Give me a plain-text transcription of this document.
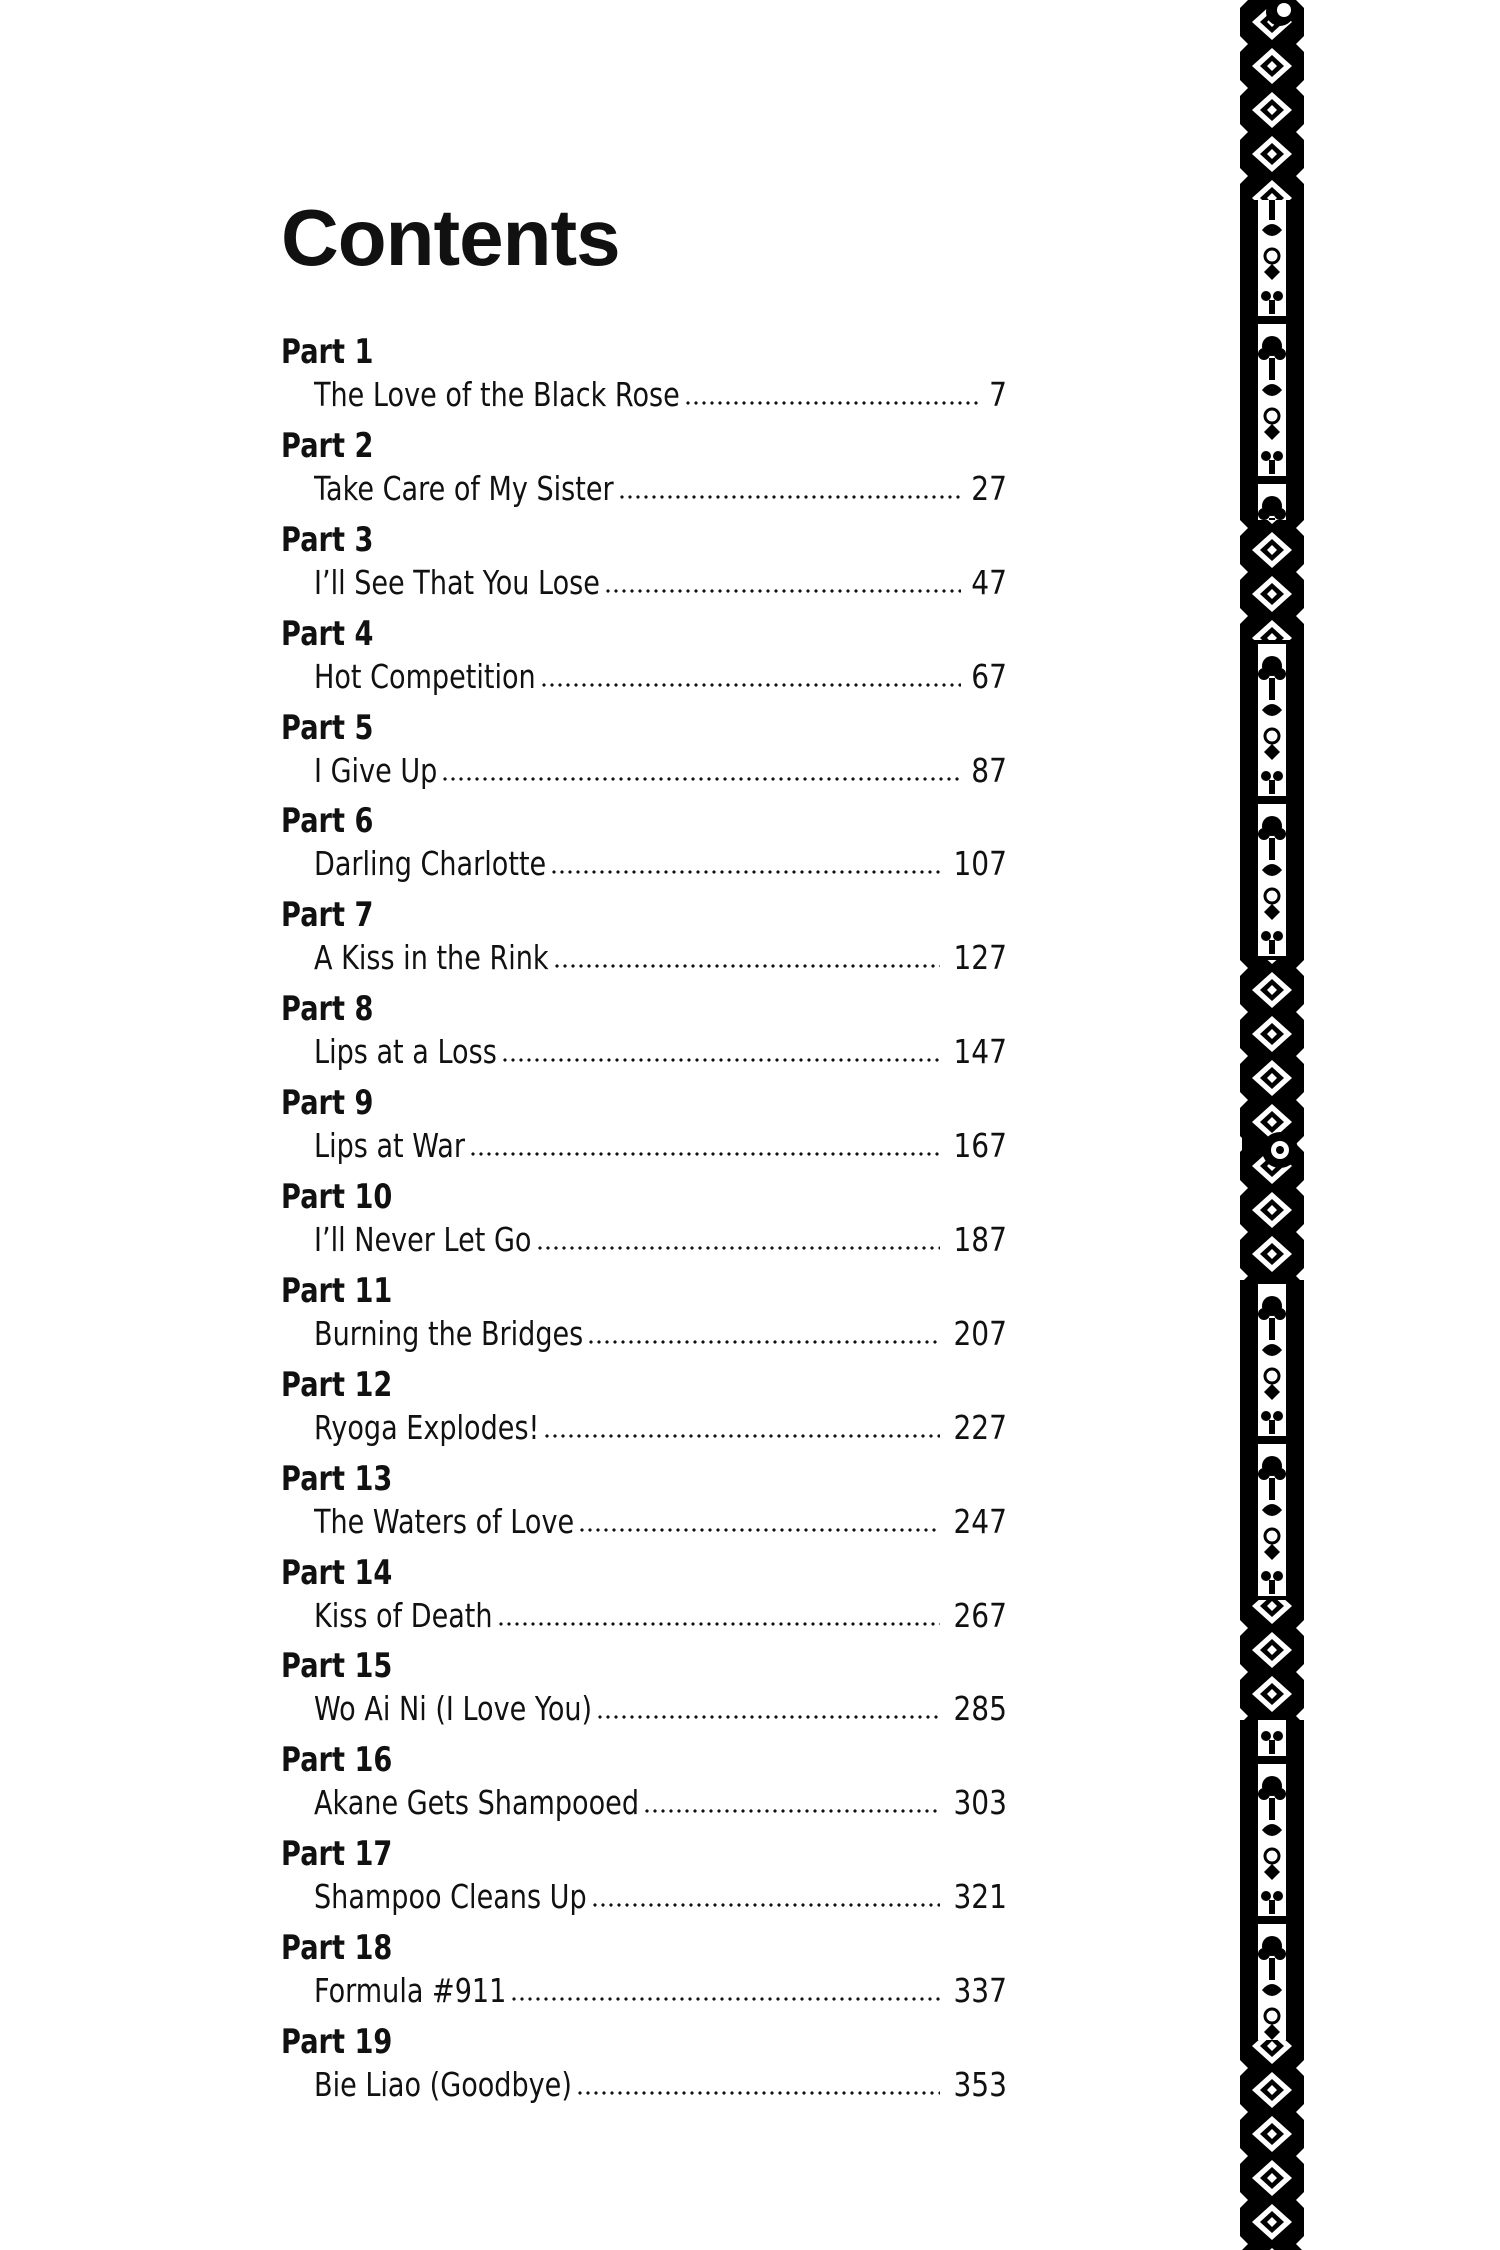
Contents
Part 1
The Love of the Black Rose	7
Part 2
Take Care of My Sister	27
Part 3
I’ll See That You Lose	47
Part 4
Hot Competition	67
Part 5
I Give Up	87
Part 6
Darling Charlotte	107
Part 7
A Kiss in the Rink	127
Part 8
Lips at a Loss	147
Part 9
Lips at War	167
Part 10
I’ll Never Let Go	187
Part 11
Burning the Bridges	207
Part 12
Ryoga Explodes!	227
Part 13
The Waters of Love	247
Part 14
Kiss of Death	267
Part 15
Wo Ai Ni (I Love You)	285
Part 16
Akane Gets Shampooed	303
Part 17
Shampoo Cleans Up	321
Part 18
Formula #911	337
Part 19
Bie Liao (Goodbye)	353
